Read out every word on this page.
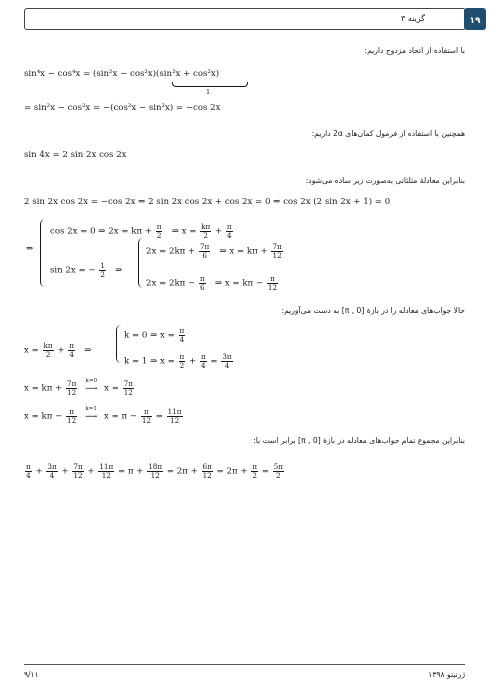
گزینه ۳	۱۹
با استفاده از اتحاد مزدوج داریم:
sin⁴x − cos⁴x = (sin²x − cos²x)(sin²x + cos²x)
1
= sin²x − cos²x = −(cos²x − sin²x) = −cos 2x
همچنین با استفاده از فرمول کمان‌های 2α داریم:
sin 4x = 2 sin 2x cos 2x
بنابراین معادلهٔ مثلثاتی به‌صورت زیر ساده می‌شود:
2 sin 2x cos 2x = −cos 2x ⇒ 2 sin 2x cos 2x + cos 2x = 0 ⇒ cos 2x (2 sin 2x + 1) = 0
⇒
cos 2x = 0 ⇒ $2x = k\pi + \frac{\pi}{2}$ ⇒ $x = \frac{k\pi}{2} + \frac{\pi}{4}$
sin 2x = − $\frac{1}{2}$ ⇒
$2x = 2k\pi + \frac{7\pi}{6}$ ⇒ $x = k\pi + \frac{7\pi}{12}$
$2x = 2k\pi - \frac{\pi}{6}$ ⇒ $x = k\pi - \frac{\pi}{12}$
حالا جواب‌های معادله را در بازهٔ [0 , π] به دست می‌آوریم:
$x = \frac{k\pi}{2} + \frac{\pi}{4}$ ⇒
k = 0 ⇒ $x = \frac{\pi}{4}$
k = 1 ⇒ $x = \frac{\pi}{2} + \frac{\pi}{4} = \frac{3\pi}{4}$
$x = k\pi + \frac{7\pi}{12}$
k=0
⟶ $x = \frac{7\pi}{12}$
$x = k\pi - \frac{\pi}{12}$
k=1
⟶ $x = \pi - \frac{\pi}{12} = \frac{11\pi}{12}$
بنابراین مجموع تمام جواب‌های معادله در بازهٔ [0 , π] برابر است با:
$\frac{\pi}{4} + \frac{3\pi}{4} + \frac{7\pi}{12} + \frac{11\pi}{12} = \pi + \frac{18\pi}{12} = 2\pi + \frac{6\pi}{12} = 2\pi + \frac{\pi}{2} = \frac{5\pi}{2}$
۹/۱۱	ژرنیتو ۱۳۹۸
